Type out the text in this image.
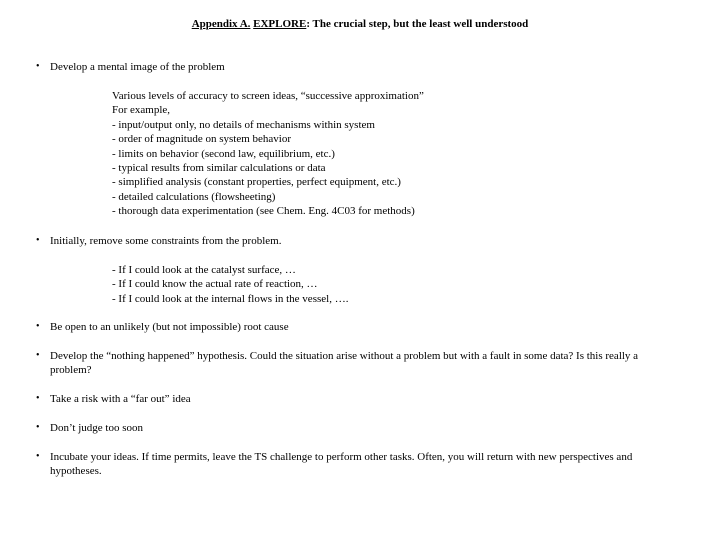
Appendix A. EXPLORE: The crucial step, but the least well understood
• Develop a mental image of the problem
Various levels of accuracy to screen ideas, “successive approximation”
For example,
- input/output only, no details of mechanisms within system
- order of magnitude on system behavior
- limits on behavior (second law, equilibrium, etc.)
- typical results from similar calculations or data
- simplified analysis (constant properties, perfect equipment, etc.)
- detailed calculations (flowsheeting)
- thorough data experimentation (see Chem. Eng. 4C03 for methods)
• Initially, remove some constraints from the problem.
- If I could look at the catalyst surface, …
- If I could know the actual rate of reaction, …
- If I could look at the internal flows in the vessel, ….
• Be open to an unlikely (but not impossible) root cause
• Develop the “nothing happened” hypothesis. Could the situation arise without a problem but with a fault in some data? Is this really a problem?
• Take a risk with a “far out” idea
• Don’t judge too soon
• Incubate your ideas. If time permits, leave the TS challenge to perform other tasks. Often, you will return with new perspectives and hypotheses.
